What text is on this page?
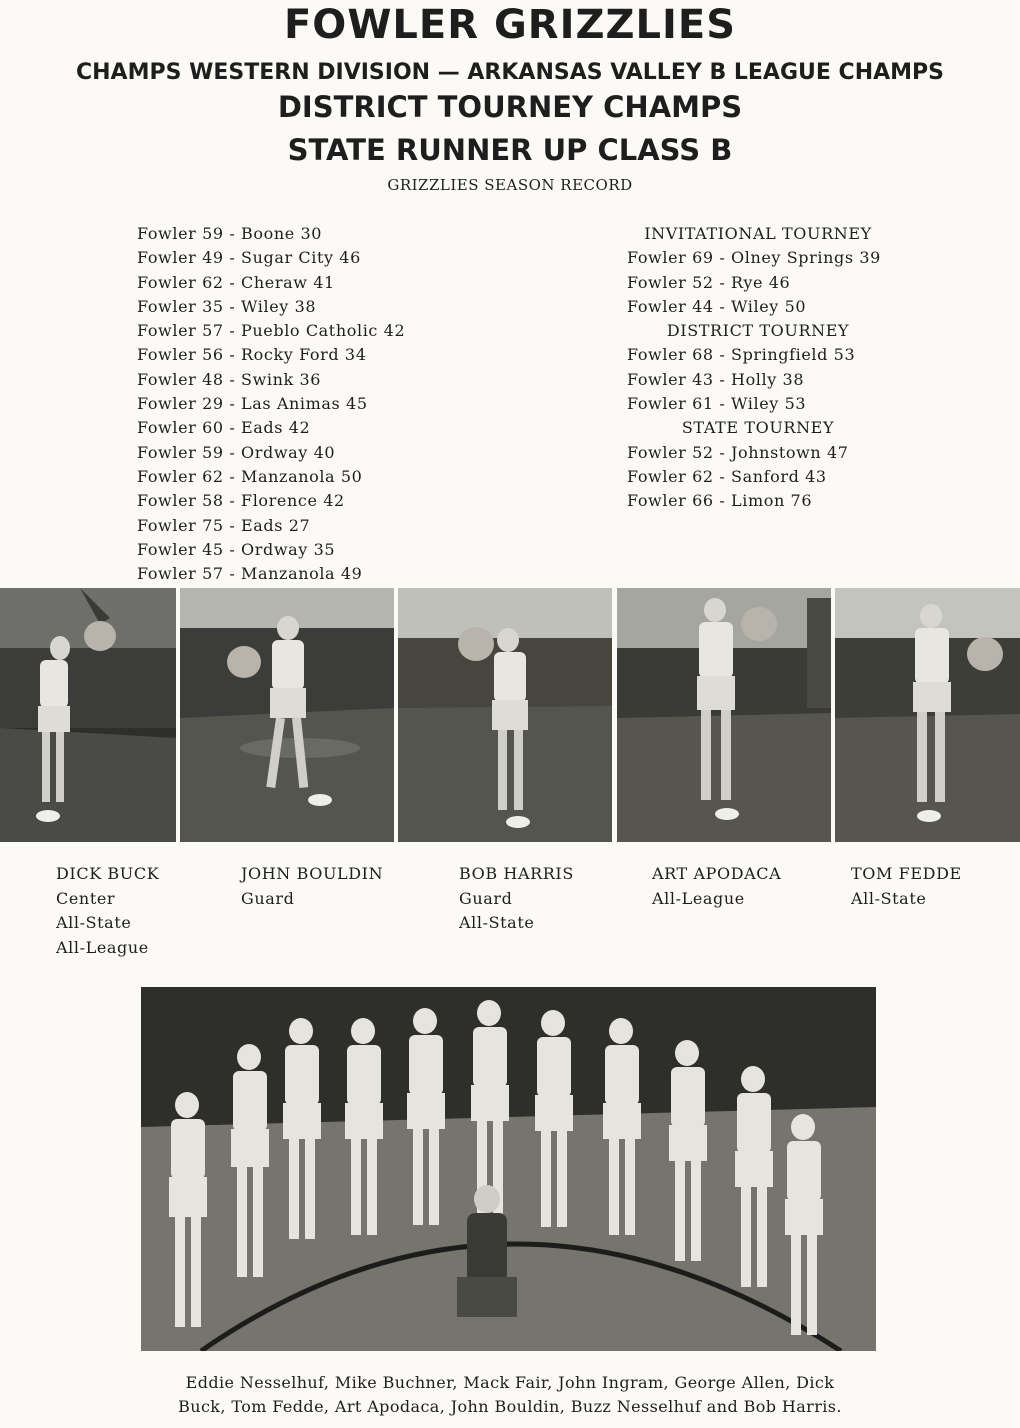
FOWLER GRIZZLIES
CHAMPS WESTERN DIVISION — ARKANSAS VALLEY B LEAGUE CHAMPS
DISTRICT TOURNEY CHAMPS
STATE RUNNER UP CLASS B
GRIZZLIES SEASON RECORD
Fowler 59 - Boone 30
Fowler 49 - Sugar City 46
Fowler 62 - Cheraw 41
Fowler 35 - Wiley 38
Fowler 57 - Pueblo Catholic 42
Fowler 56 - Rocky Ford 34
Fowler 48 - Swink 36
Fowler 29 - Las Animas 45
Fowler 60 - Eads 42
Fowler 59 - Ordway 40
Fowler 62 - Manzanola 50
Fowler 58 - Florence 42
Fowler 75 - Eads 27
Fowler 45 - Ordway 35
Fowler 57 - Manzanola 49
INVITATIONAL TOURNEY
Fowler 69 - Olney Springs 39
Fowler 52 - Rye 46
Fowler 44 - Wiley 50
DISTRICT TOURNEY
Fowler 68 - Springfield 53
Fowler 43 - Holly 38
Fowler 61 - Wiley 53
STATE TOURNEY
Fowler 52 - Johnstown 47
Fowler 62 - Sanford 43
Fowler 66 - Limon 76
DICK BUCK
Center
All-State
All-League
JOHN BOULDIN
Guard
BOB HARRIS
Guard
All-State
ART APODACA
All-League
TOM FEDDE
All-State
Eddie Nesselhuf, Mike Buchner, Mack Fair, John Ingram, George Allen, Dick
Buck, Tom Fedde, Art Apodaca, John Bouldin, Buzz Nesselhuf and Bob Harris.
